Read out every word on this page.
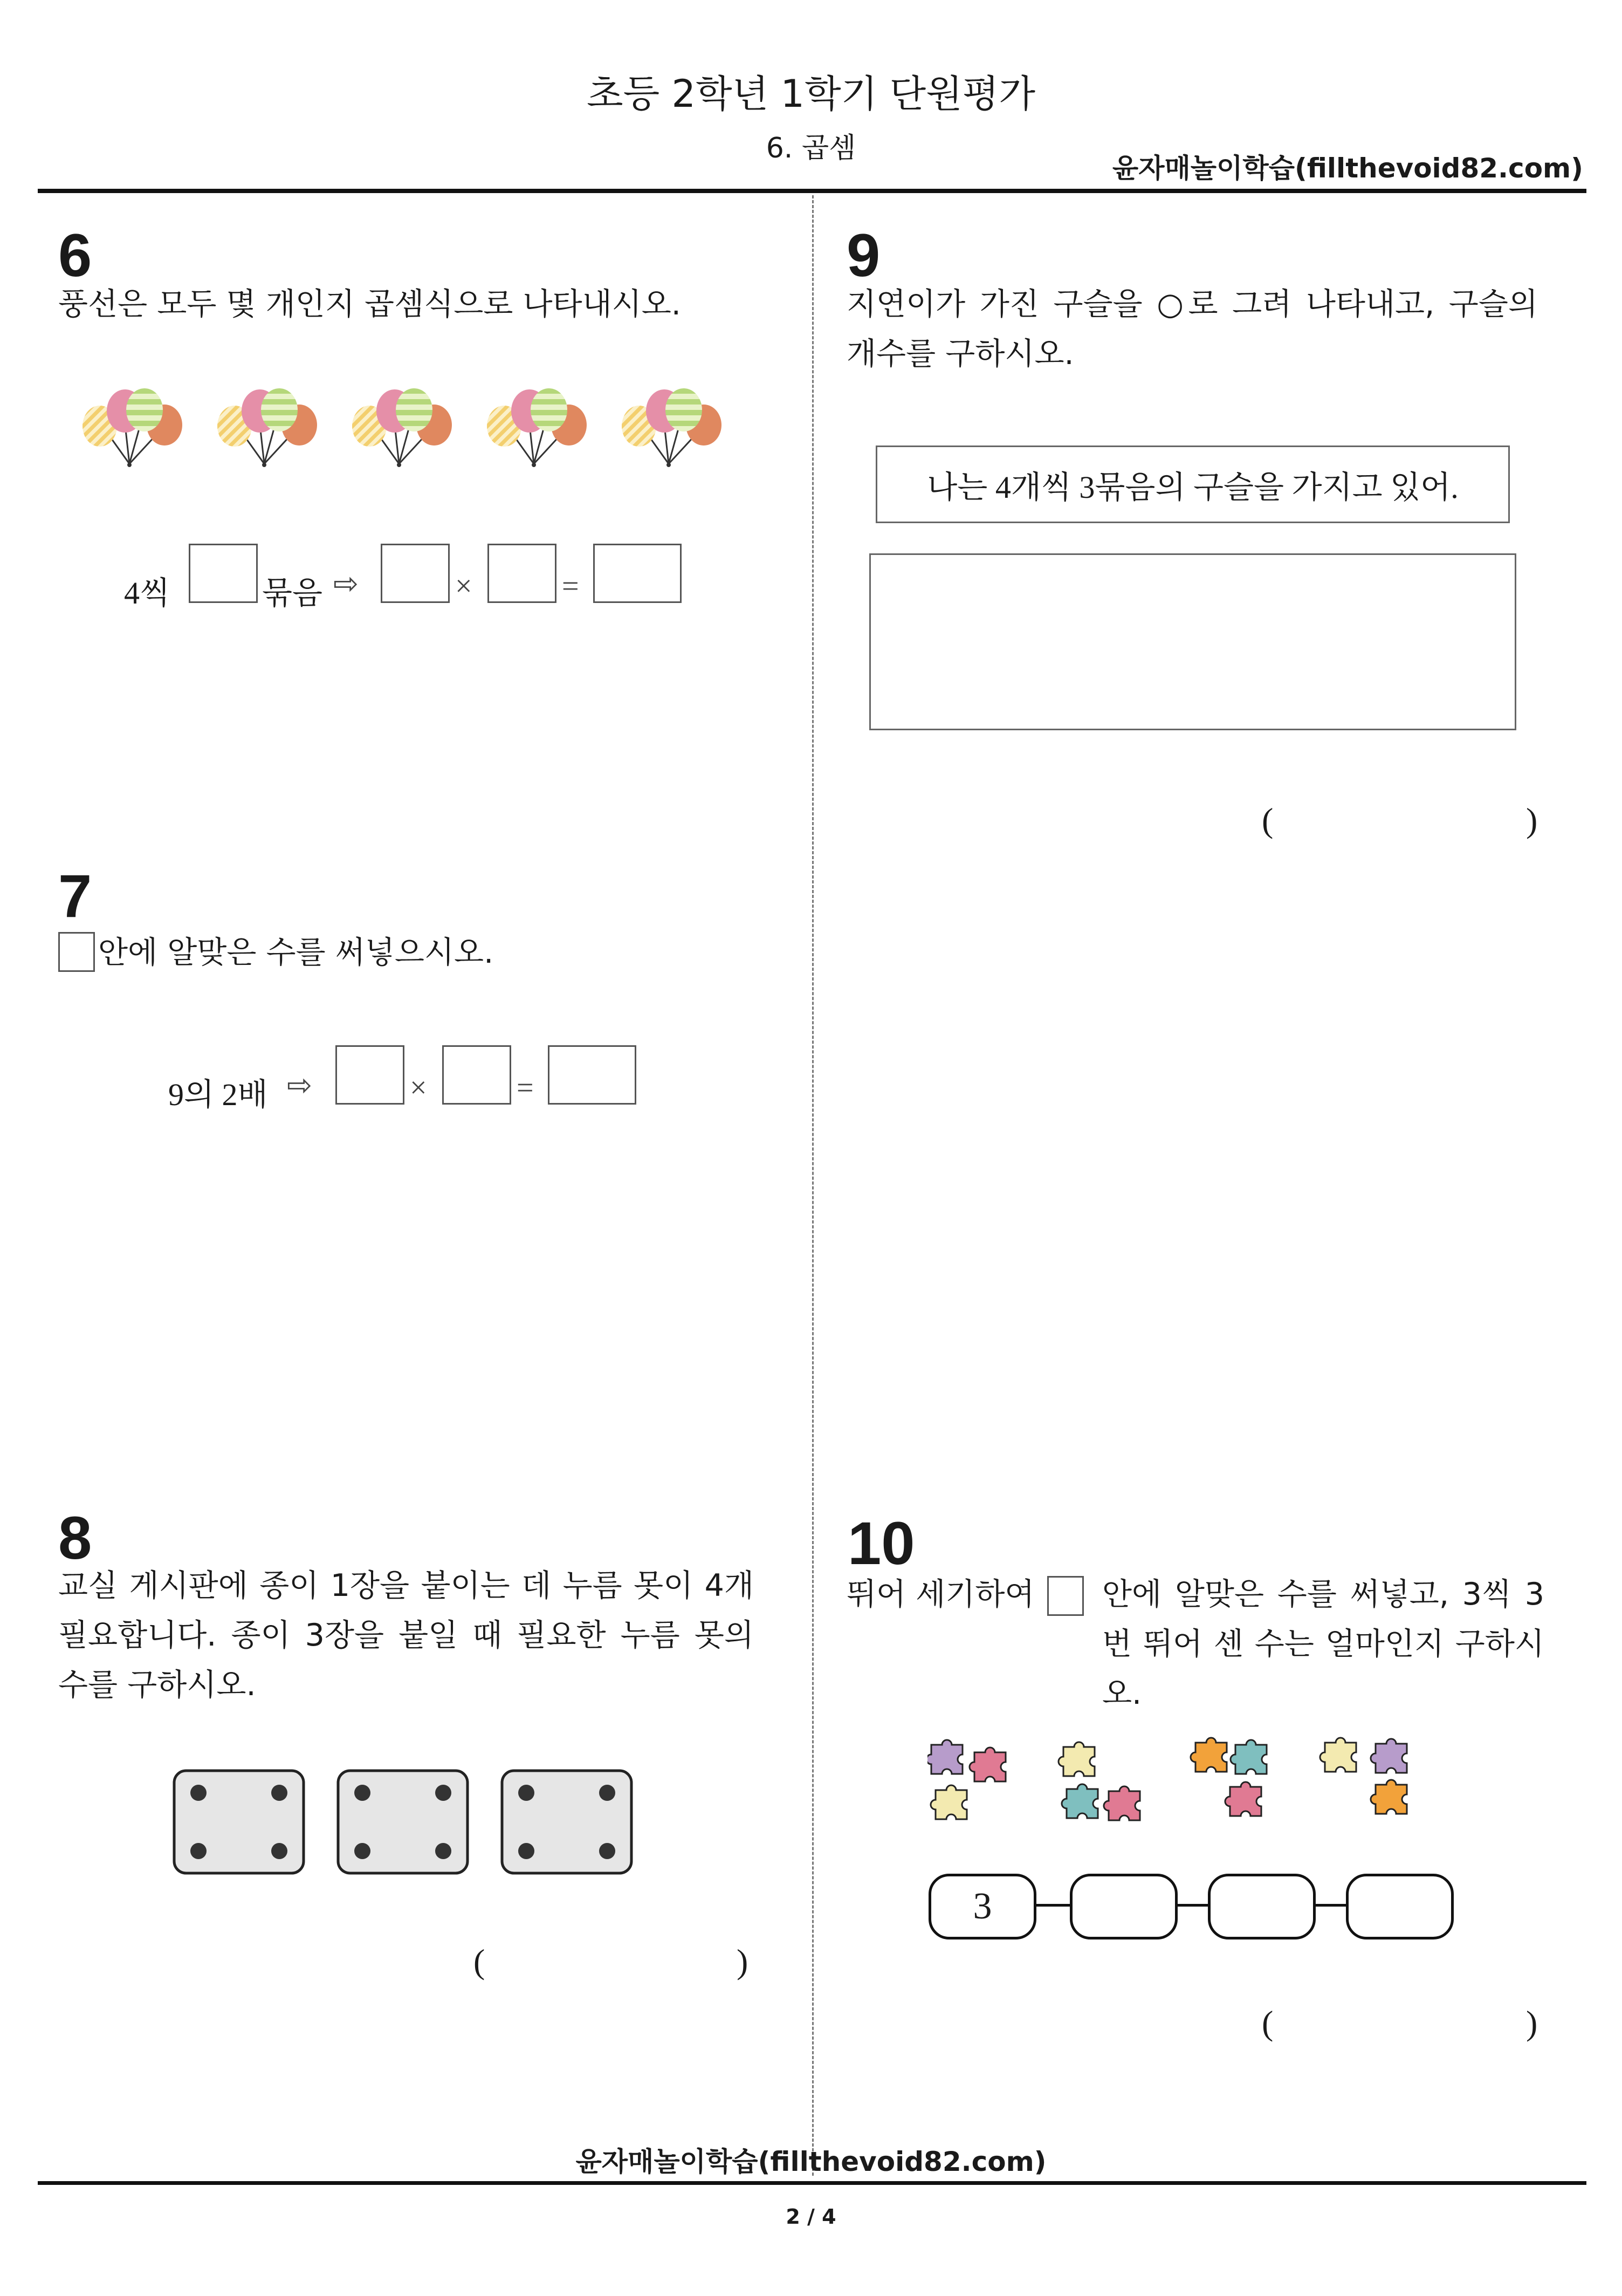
초등 2학년 1학기 단원평가
6. 곱셈
윤자매놀이학습(fillthevoid82.com)
6
풍선은 모두 몇 개인지 곱셈식으로 나타내시오.
4씩	묶음 ⇨	×	=
7
안에 알맞은 수를 써넣으시오.
9의 2배 ⇨	×	=
8
교실 게시판에 종이 1장을 붙이는 데 누름 못이 4개 필요합니다. 종이 3장을 붙일 때 필요한 누름 못의 수를 구하시오.
(	)
9
지연이가 가진 구슬을 ○로 그려 나타내고, 구슬의 개수를 구하시오.
나는 4개씩 3묶음의 구슬을 가지고 있어.
(	)
10
뛰어 세기하여 안에 알맞은 수를 써넣고, 3씩 3 번 뛰어 센 수는 얼마인지 구하시오.
3
(	)
윤자매놀이학습(fillthevoid82.com)
2 / 4
